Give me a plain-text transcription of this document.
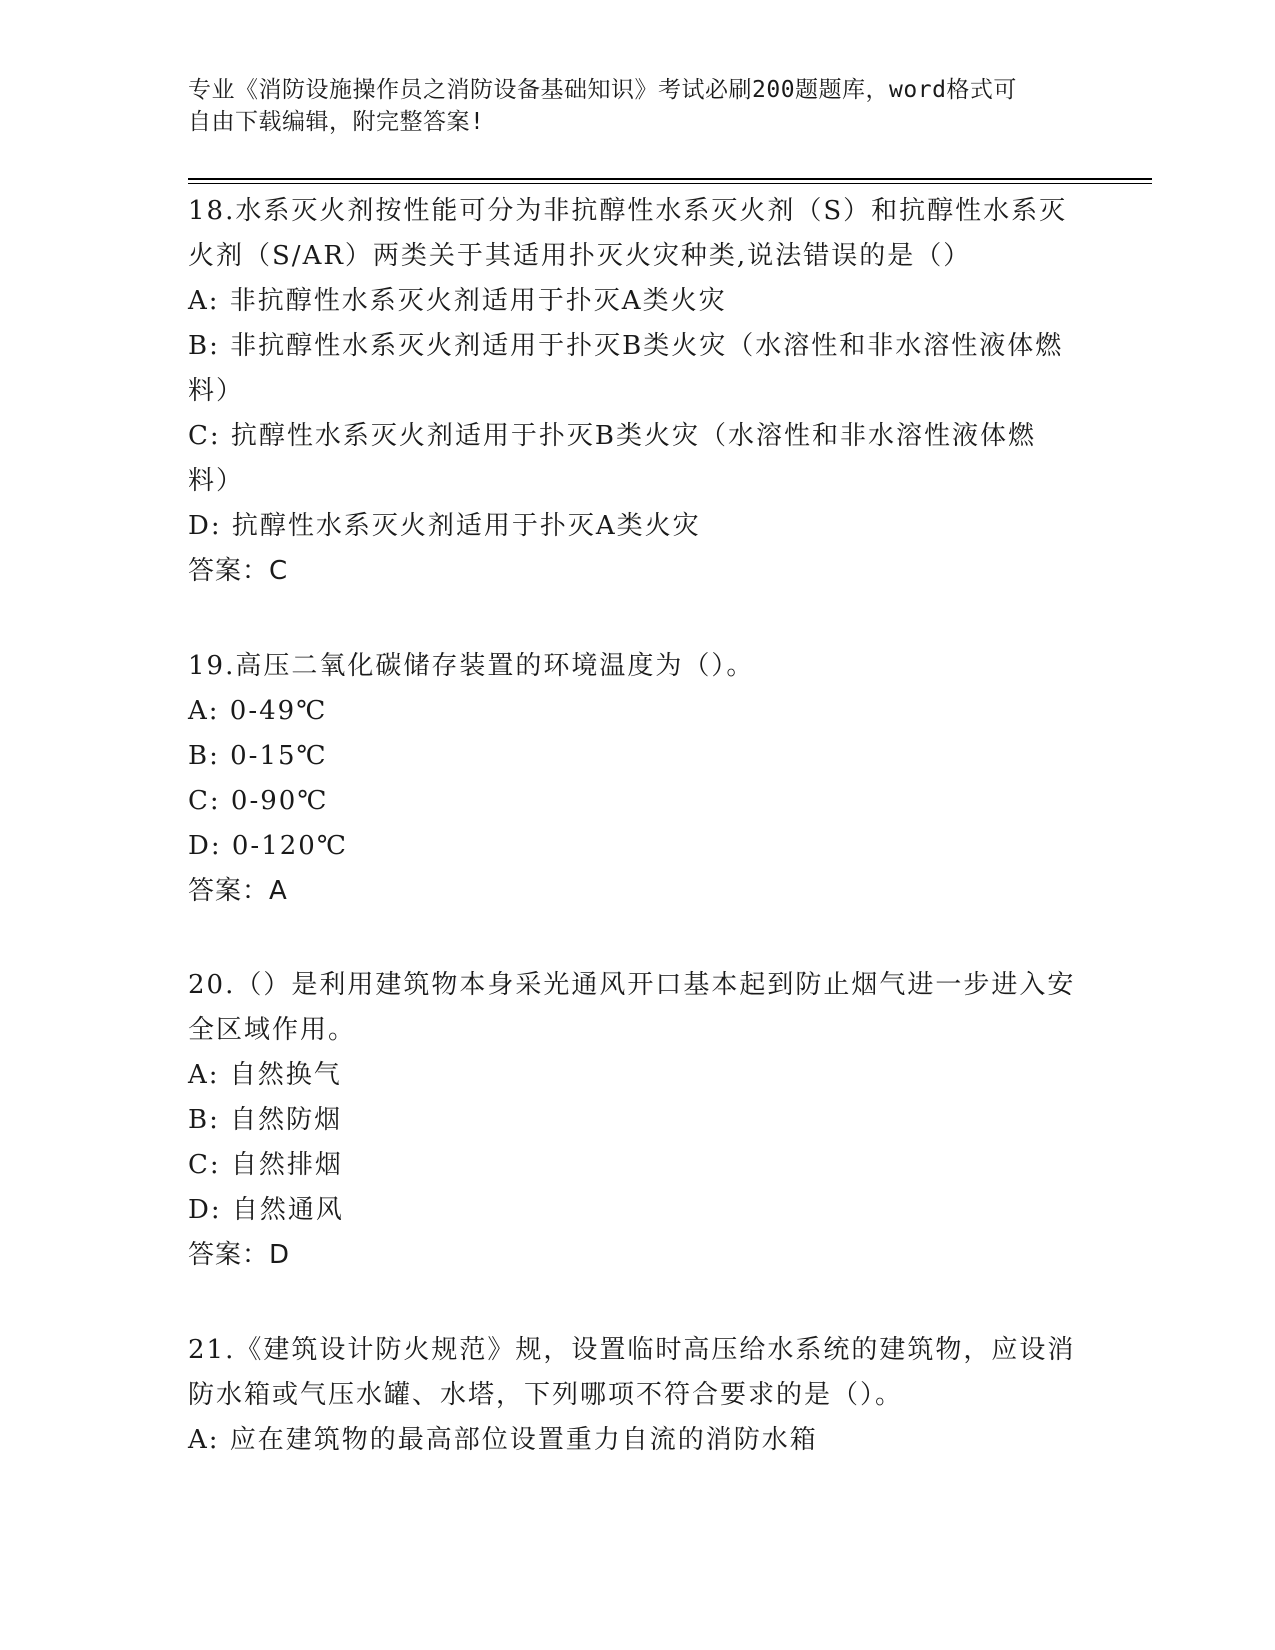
专业《消防设施操作员之消防设备基础知识》考试必刷200题题库，word格式可
自由下载编辑，附完整答案!
18.水系灭火剂按性能可分为非抗醇性水系灭火剂（S）和抗醇性水系灭火剂（S/AR）两类关于其适用扑灭火灾种类,说法错误的是（）
A: 非抗醇性水系灭火剂适用于扑灭A类火灾
B: 非抗醇性水系灭火剂适用于扑灭B类火灾（水溶性和非水溶性液体燃料）
C: 抗醇性水系灭火剂适用于扑灭B类火灾（水溶性和非水溶性液体燃料）
D: 抗醇性水系灭火剂适用于扑灭A类火灾
答案：C
19.高压二氧化碳储存装置的环境温度为（）。
A: 0-49℃
B: 0-15℃
C: 0-90℃
D: 0-120℃
答案：A
20.（）是利用建筑物本身采光通风开口基本起到防止烟气进一步进入安全区域作用。
A: 自然换气
B: 自然防烟
C: 自然排烟
D: 自然通风
答案：D
21.《建筑设计防火规范》规，设置临时高压给水系统的建筑物，应设消防水箱或气压水罐、水塔，下列哪项不符合要求的是（）。
A: 应在建筑物的最高部位设置重力自流的消防水箱
